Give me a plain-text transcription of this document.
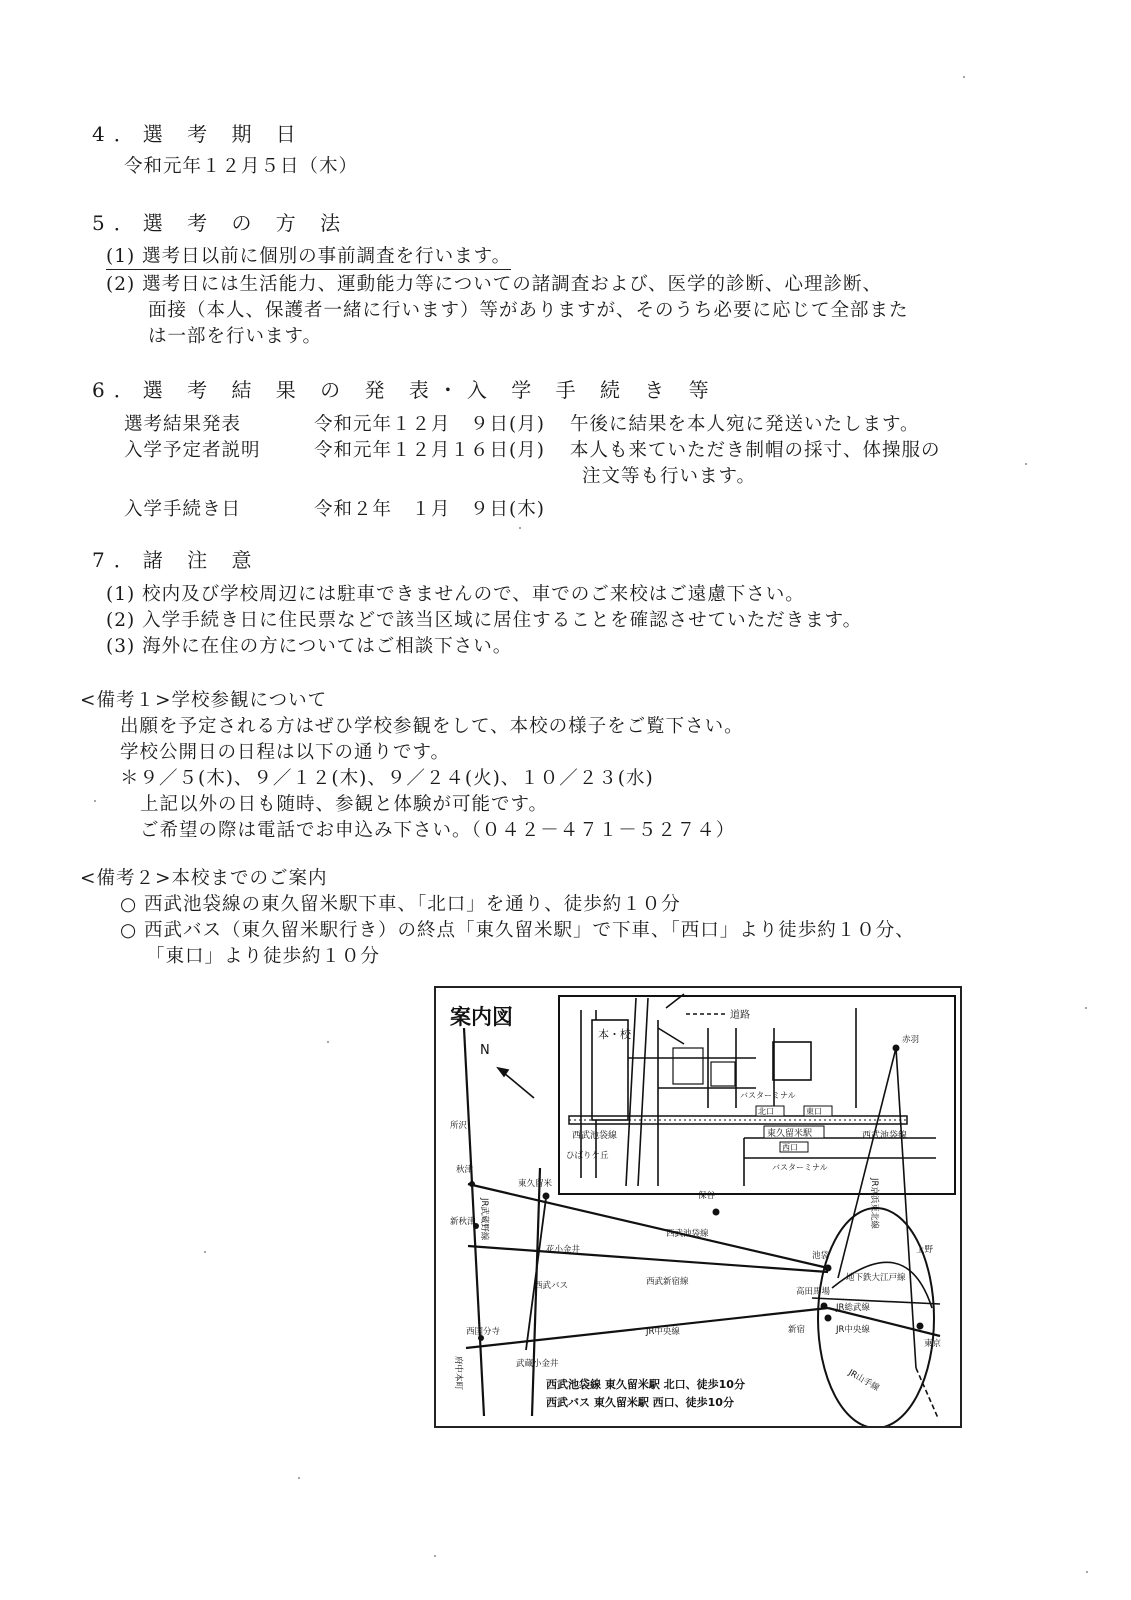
4．選 考 期 日
令和元年１２月５日（木）
5．選 考 の 方 法
(1) 選考日以前に個別の事前調査を行います。
(2) 選考日には生活能力、運動能力等についての諸調査および、医学的診断、心理診断、
面接（本人、保護者一緒に行います）等がありますが、そのうち必要に応じて全部また
は一部を行います。
6．選 考 結 果 の 発 表・入 学 手 続 き 等
選考結果発表	令和元年１２月　９日(月) 午後に結果を本人宛に発送いたします。
入学予定者説明	令和元年１２月１６日(月) 本人も来ていただき制帽の採寸、体操服の
注文等も行います。
入学手続き日	令和２年　１月　９日(木)
7．諸 注 意
(1) 校内及び学校周辺には駐車できませんので、車でのご来校はご遠慮下さい。
(2) 入学手続き日に住民票などで該当区域に居住することを確認させていただきます。
(3) 海外に在住の方についてはご相談下さい。
<備考１>学校参観について
出願を予定される方はぜひ学校参観をして、本校の様子をご覧下さい。
学校公開日の日程は以下の通りです。
＊９／５(木)、９／１２(木)、９／２４(火)、１０／２３(水)
上記以外の日も随時、参観と体験が可能です。
ご希望の際は電話でお申込み下さい。（０４２－４７１－５２７４）
<備考２>本校までのご案内
○ 西武池袋線の東久留米駅下車、「北口」を通り、徒歩約１０分
○ 西武バス（東久留米駅行き）の終点「東久留米駅」で下車、「西口」より徒歩約１０分、
「東口」より徒歩約１０分
案内図	道路
本・校
バスターミナル
西武池袋線	西武池袋線
北口	東口
東久留米駅
西口
バスターミナル
N
ひばりケ丘
東久留米
保谷
西武池袋線
花小金井
西武新宿線
西武バス
池袋
高田馬場
新宿
東京
上野
赤羽
西国分寺
武蔵小金井
JR中央線	JR中央線
JR総武線
地下鉄大江戸線
JR山手線
JR京浜東北線
JR武蔵野線
府中本町
所沢
新秋津
秋津
西武池袋線 東久留米駅 北口、徒歩10分
西武バス 東久留米駅 西口、徒歩10分
